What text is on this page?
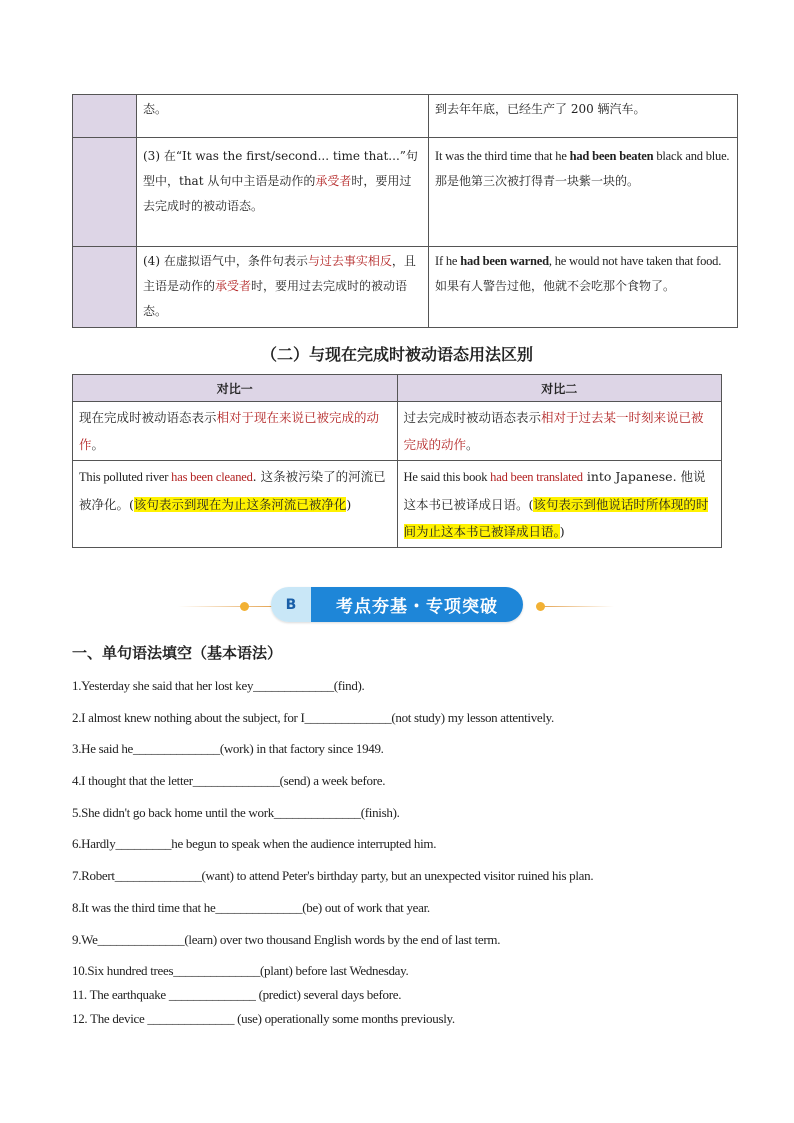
	态。	到去年年底，已经生产了 200 辆汽车。
	(3) 在“It was the first/second... time that...”句型中，that 从句中主语是动作的承受者时，要用过去完成时的被动语态。	It was the third time that he had been beaten black and blue.
那是他第三次被打得青一块紫一块的。
	(4) 在虚拟语气中，条件句表示与过去事实相反，且主语是动作的承受者时，要用过去完成时的被动语态。	If he had been warned, he would not have taken that food.
如果有人警告过他，他就不会吃那个食物了。
（二）与现在完成时被动语态用法区别
对比一	对比二
现在完成时被动语态表示相对于现在来说已被完成的动作。	过去完成时被动语态表示相对于过去某一时刻来说已被完成的动作。
This polluted river has been cleaned. 这条被污染了的河流已被净化。(该句表示到现在为止这条河流已被净化)	He said this book had been translated into Japanese. 他说这本书已被译成日语。(该句表示到他说话时所体现的时间为止这本书已被译成日语。)
B	考点夯基・专项突破
一、单句语法填空（基本语法）
1.Yesterday she said that her lost key_____________(find).
2.I almost knew nothing about the subject, for I______________(not study) my lesson attentively.
3.He said he______________(work) in that factory since 1949.
4.I thought that the letter______________(send) a week before.
5.She didn't go back home until the work______________(finish).
6.Hardly_________he begun to speak when the audience interrupted him.
7.Robert______________(want) to attend Peter's birthday party, but an unexpected visitor ruined his plan.
8.It was the third time that he______________(be) out of work that year.
9.We______________(learn) over two thousand English words by the end of last term.
10.Six hundred trees______________(plant) before last Wednesday.
11. The earthquake ______________ (predict) several days before.
12. The device ______________ (use) operationally some months previously.
